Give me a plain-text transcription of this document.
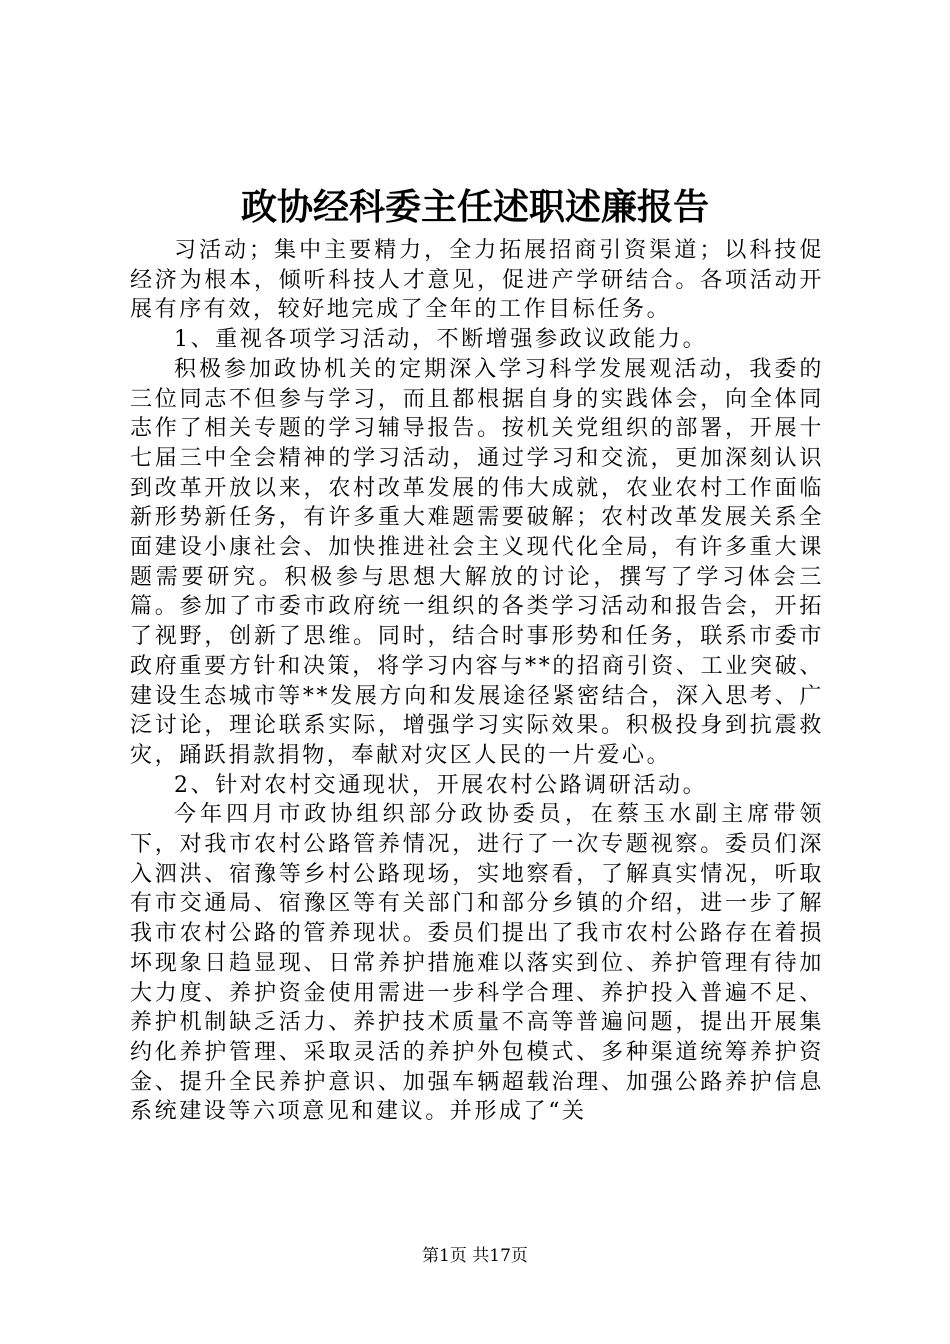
政协经科委主任述职述廉报告

习活动；集中主要精力，全力拓展招商引资渠道；以科技促经济为根本，倾听科技人才意见，促进产学研结合。各项活动开展有序有效，较好地完成了全年的工作目标任务。

1、重视各项学习活动，不断增强参政议政能力。

积极参加政协机关的定期深入学习科学发展观活动，我委的三位同志不但参与学习，而且都根据自身的实践体会，向全体同志作了相关专题的学习辅导报告。按机关党组织的部署，开展十七届三中全会精神的学习活动，通过学习和交流，更加深刻认识到改革开放以来，农村改革发展的伟大成就，农业农村工作面临新形势新任务，有许多重大难题需要破解；农村改革发展关系全面建设小康社会、加快推进社会主义现代化全局，有许多重大课题需要研究。积极参与思想大解放的讨论，撰写了学习体会三篇。参加了市委市政府统一组织的各类学习活动和报告会，开拓了视野，创新了思维。同时，结合时事形势和任务，联系市委市政府重要方针和决策，将学习内容与**的招商引资、工业突破、建设生态城市等**发展方向和发展途径紧密结合，深入思考、广泛讨论，理论联系实际，增强学习实际效果。积极投身到抗震救灾，踊跃捐款捐物，奉献对灾区人民的一片爱心。

2、针对农村交通现状，开展农村公路调研活动。

今年四月市政协组织部分政协委员，在蔡玉水副主席带领下，对我市农村公路管养情况，进行了一次专题视察。委员们深入泗洪、宿豫等乡村公路现场，实地察看，了解真实情况，听取有市交通局、宿豫区等有关部门和部分乡镇的介绍，进一步了解我市农村公路的管养现状。委员们提出了我市农村公路存在着损坏现象日趋显现、日常养护措施难以落实到位、养护管理有待加大力度、养护资金使用需进一步科学合理、养护投入普遍不足、养护机制缺乏活力、养护技术质量不高等普遍问题，提出开展集约化养护管理、采取灵活的养护外包模式、多种渠道统筹养护资金、提升全民养护意识、加强车辆超载治理、加强公路养护信息系统建设等六项意见和建议。并形成了“关

第1页 共17页
